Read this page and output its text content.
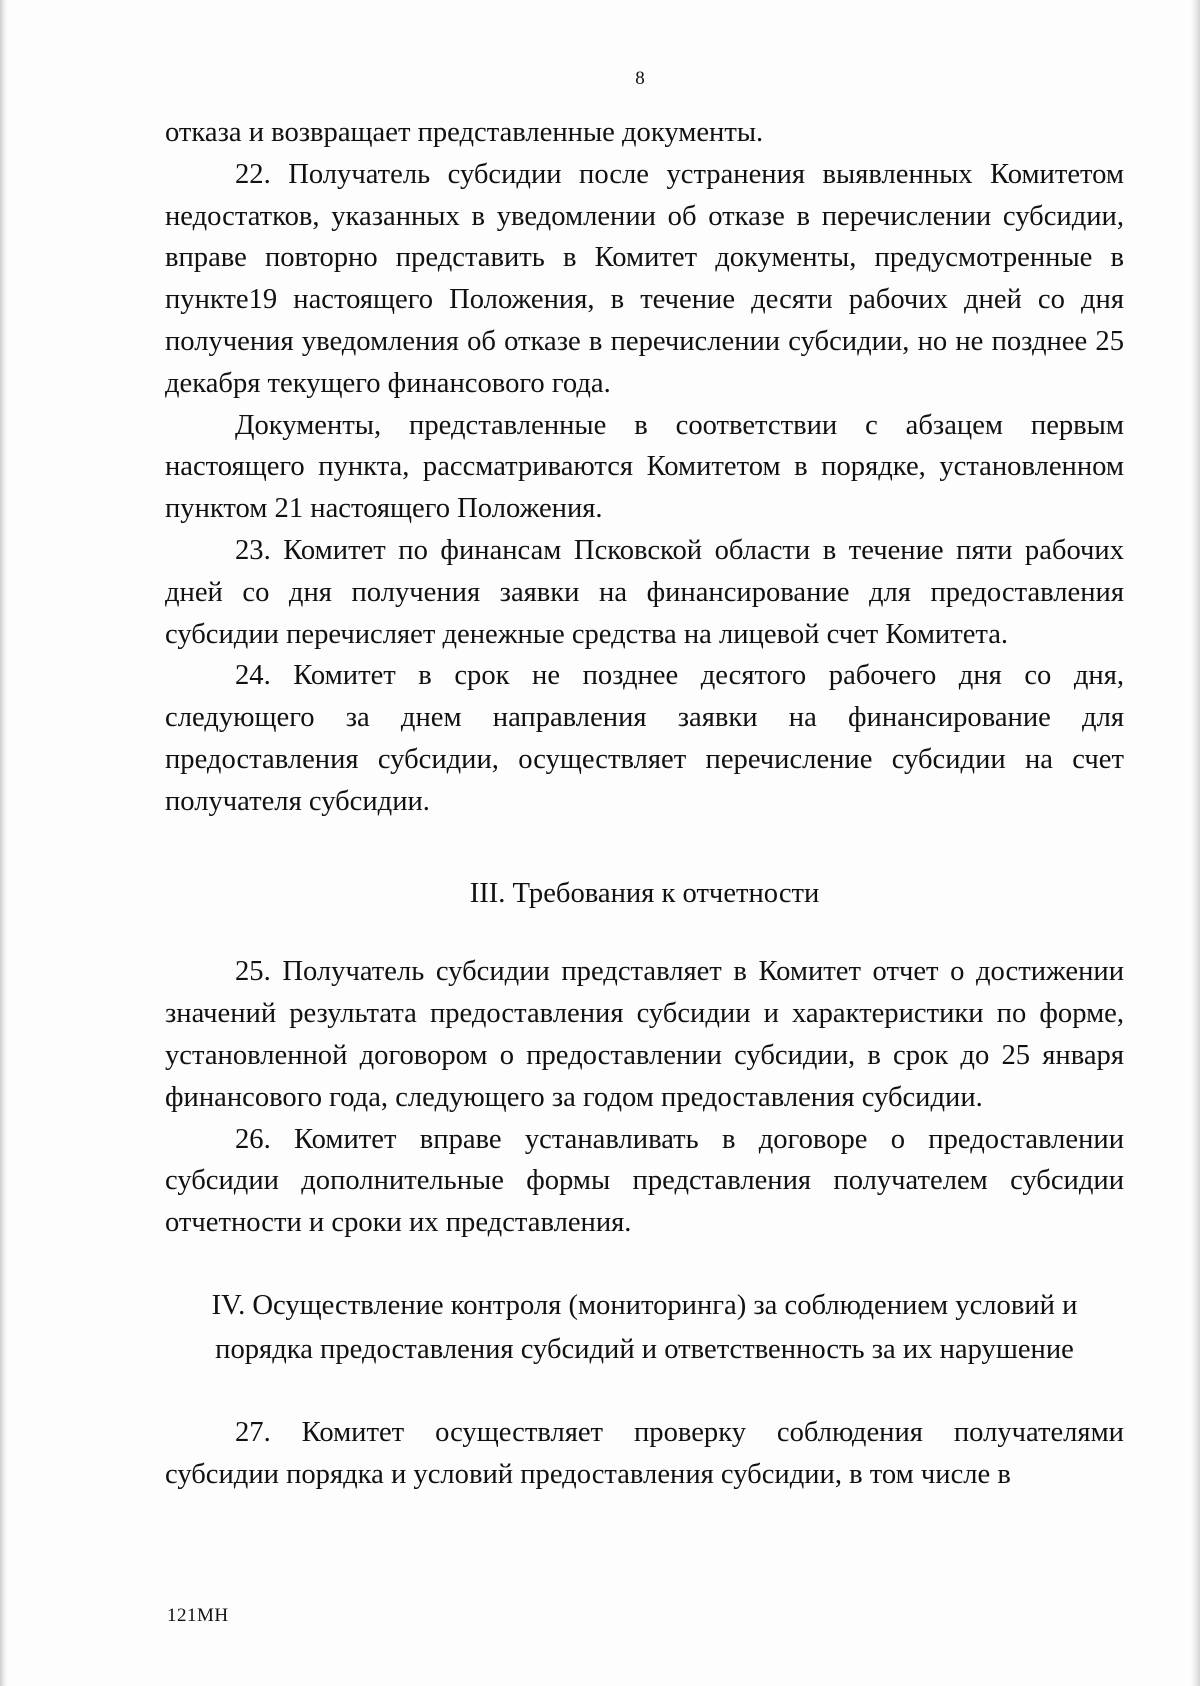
8

отказа и возвращает представленные документы.

22. Получатель субсидии после устранения выявленных Комитетом недостатков, указанных в уведомлении об отказе в перечислении субсидии, вправе повторно представить в Комитет документы, предусмотренные в пункте19 настоящего Положения, в течение десяти рабочих дней со дня получения уведомления об отказе в перечислении субсидии, но не позднее 25 декабря текущего финансового года.

Документы, представленные в соответствии с абзацем первым настоящего пункта, рассматриваются Комитетом в порядке, установленном пунктом 21 настоящего Положения.

23. Комитет по финансам Псковской области в течение пяти рабочих дней со дня получения заявки на финансирование для предоставления субсидии перечисляет денежные средства на лицевой счет Комитета.

24. Комитет в срок не позднее десятого рабочего дня со дня, следующего за днем направления заявки на финансирование для предоставления субсидии, осуществляет перечисление субсидии на счет получателя субсидии.

III. Требования к отчетности

25. Получатель субсидии представляет в Комитет отчет о достижении значений результата предоставления субсидии и характеристики по форме, установленной договором о предоставлении субсидии, в срок до 25 января финансового года, следующего за годом предоставления субсидии.

26. Комитет вправе устанавливать в договоре о предоставлении субсидии дополнительные формы представления получателем субсидии отчетности и сроки их представления.

IV. Осуществление контроля (мониторинга) за соблюдением условий и

порядка предоставления субсидий и ответственность за их нарушение

27. Комитет осуществляет проверку соблюдения получателями субсидии порядка и условий предоставления субсидии, в том числе в

121МН
